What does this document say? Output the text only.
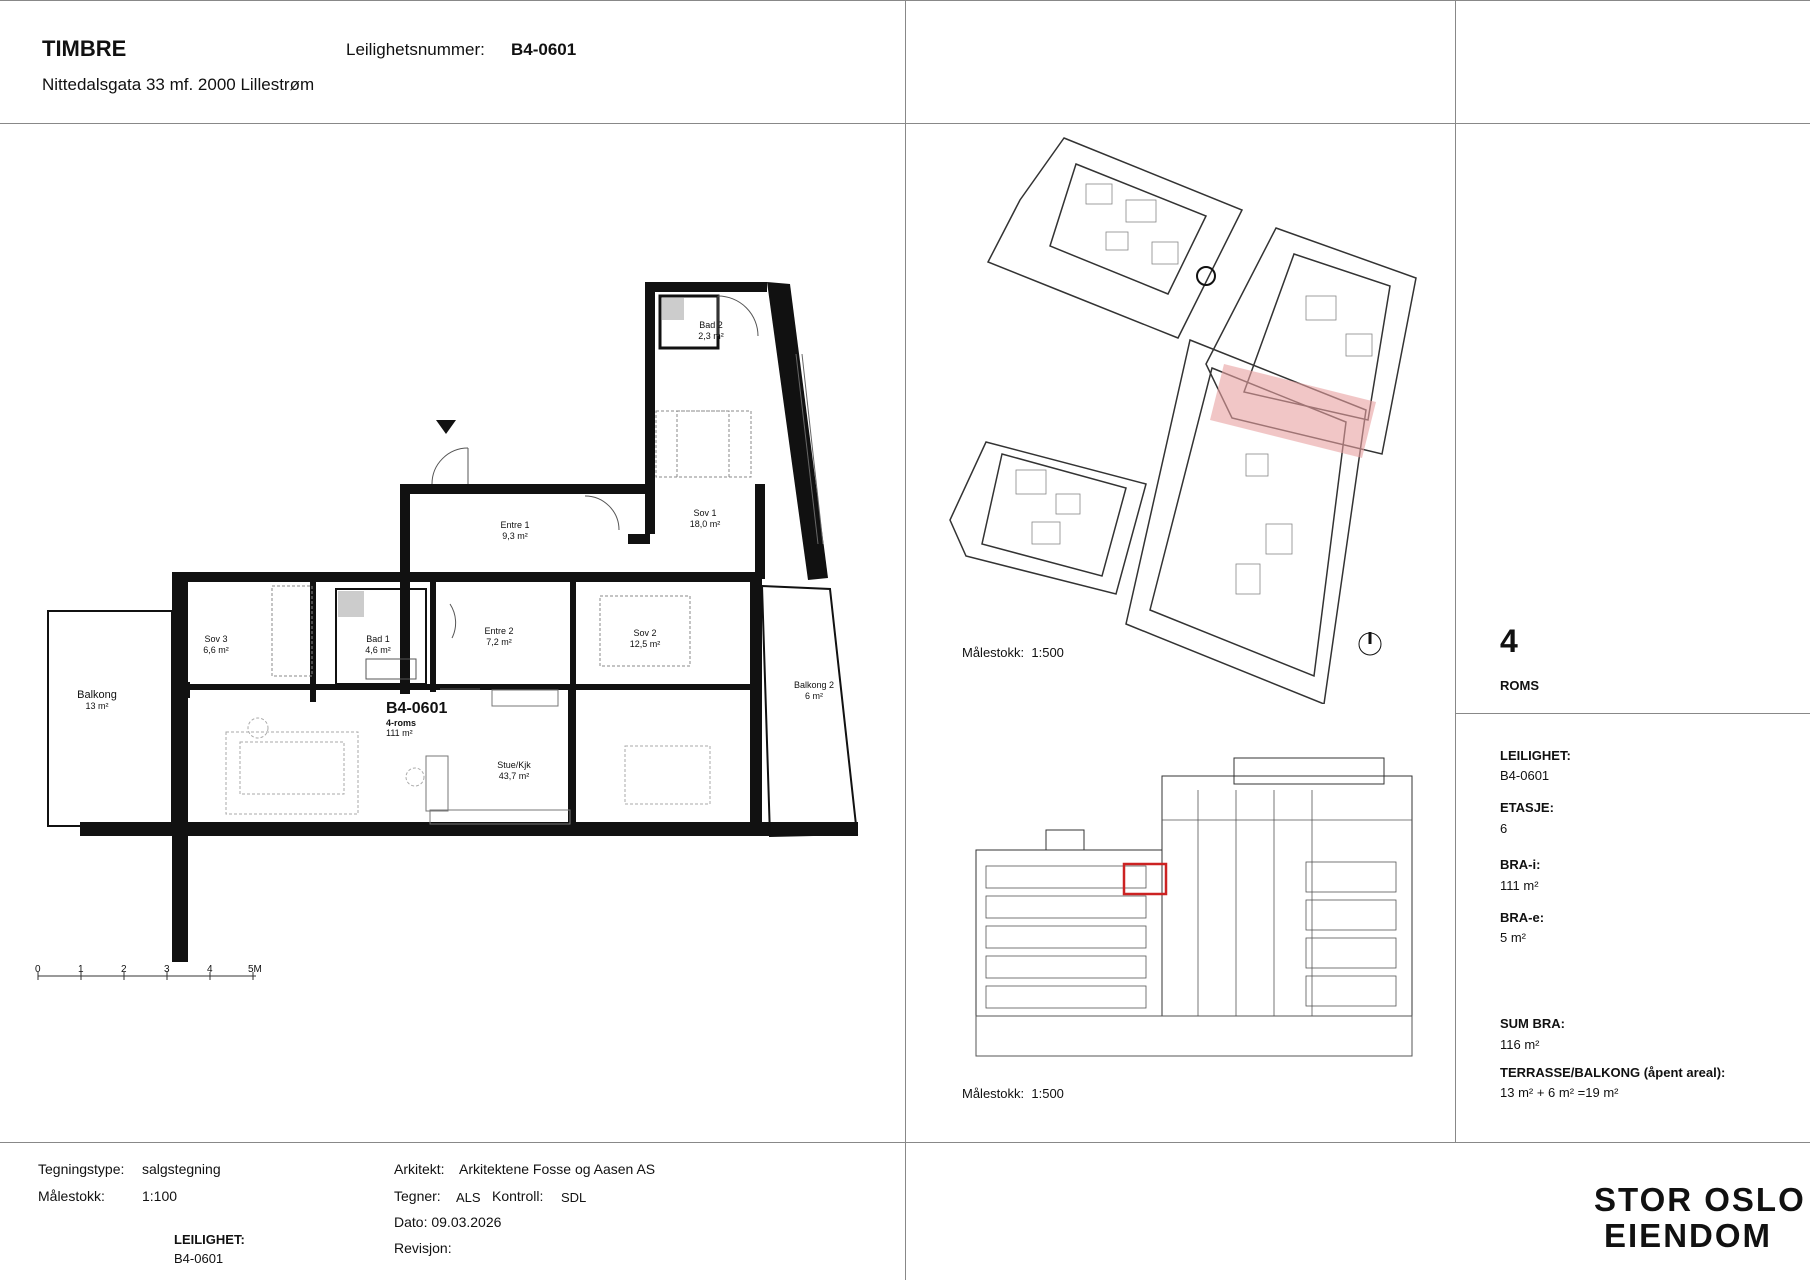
TIMBRE
Nittedalsgata 33 mf. 2000 Lillestrøm
Leilighetsnummer: B4-0601
Bad 2
2,3 m²
Sov 1
18,0 m²
Entre 1
9,3 m²
Sov 3
6,6 m²
Bad 1
4,6 m²
Entre 2
7,2 m²
Sov 2
12,5 m²
Balkong
13 m²
Balkong 2
6 m²
Stue/Kjk
43,7 m²
B4-0601
4-roms
111 m²
0	1	2	3	4	5M
Målestokk: 1:500
Målestokk: 1:500
4
ROMS
LEILIGHET:
B4-0601
ETASJE:
6
BRA-i:
111 m²
BRA-e:
5 m²
SUM BRA:
116 m²
TERRASSE/BALKONG (åpent areal):
13 m² + 6 m² =19 m²
Tegningstype: salgstegning
Målestokk:	1:100
LEILIGHET:
B4-0601
Arkitekt: Arkitektene Fosse og Aasen AS
Tegner: ALS Kontroll: SDL
Dato: 09.03.2026
Revisjon:
STOR OSLO
EIENDOM
